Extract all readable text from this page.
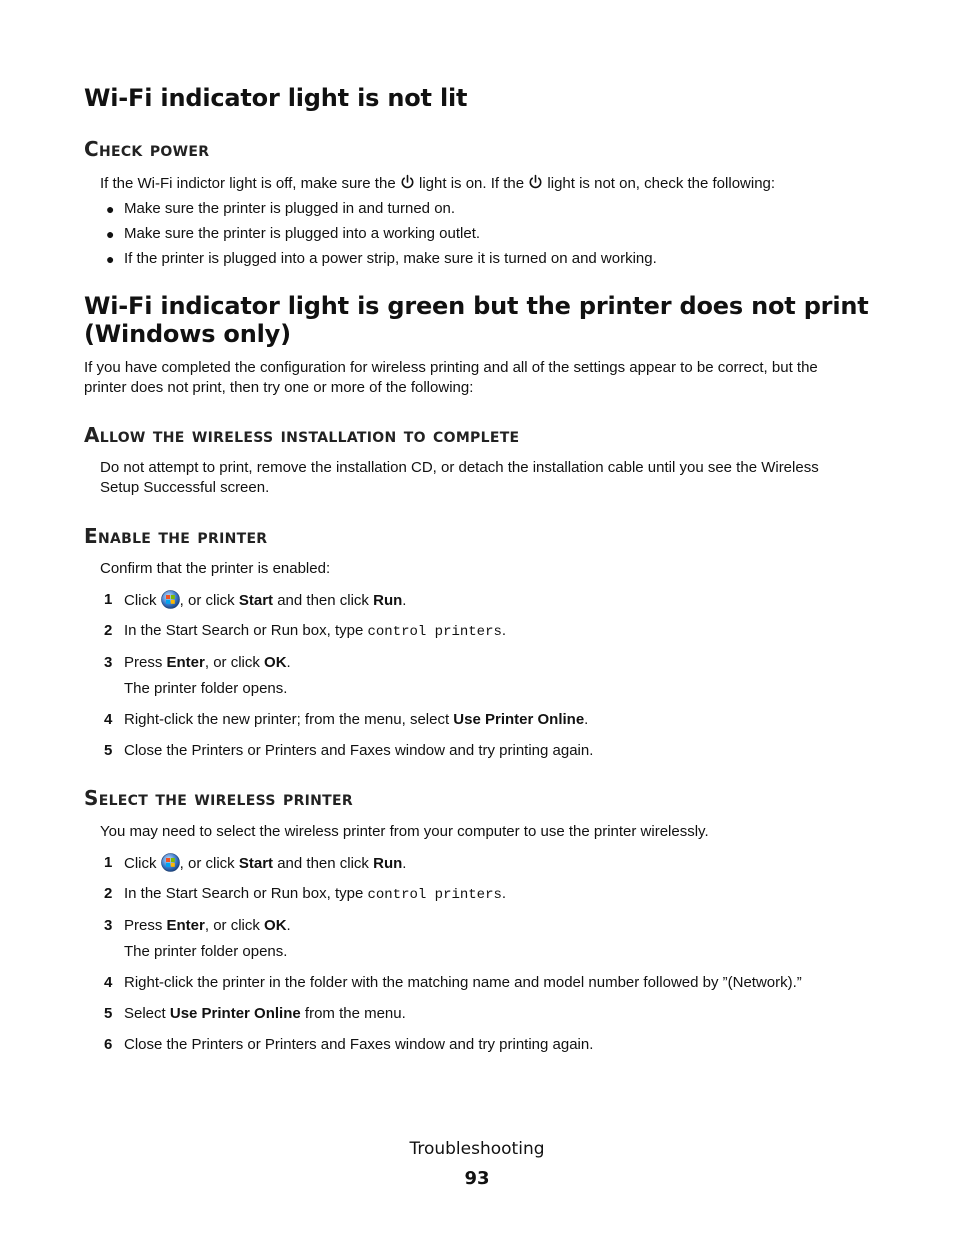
Wi-Fi indicator light is not lit
Check power

If the Wi-Fi indictor light is off, make sure the  light is on. If the  light is not on, check the following:

● Make sure the printer is plugged in and turned on.

● Make sure the printer is plugged into a working outlet.

● If the printer is plugged into a power strip, make sure it is turned on and working.

Wi-Fi indicator light is green but the printer does not print
(Windows only)

If you have completed the configuration for wireless printing and all of the settings appear to be correct, but the

printer does not print, then try one or more of the following:

Allow the wireless installation to complete

Do not attempt to print, remove the installation CD, or detach the installation cable until you see the Wireless

Setup Successful screen.

Enable the printer

Confirm that the printer is enabled:

1 Click , or click Start and then click Run.

2 In the Start Search or Run box, type control printers.

3 Press Enter, or click OK.

The printer folder opens.

4 Right-click the new printer; from the menu, select Use Printer Online.

5 Close the Printers or Printers and Faxes window and try printing again.

Select the wireless printer

You may need to select the wireless printer from your computer to use the printer wirelessly.

1 Click , or click Start and then click Run.

2 In the Start Search or Run box, type control printers.

3 Press Enter, or click OK.

The printer folder opens.

4 Right-click the printer in the folder with the matching name and model number followed by ”(Network).”

5 Select Use Printer Online from the menu.

6 Close the Printers or Printers and Faxes window and try printing again.

Troubleshooting
93
